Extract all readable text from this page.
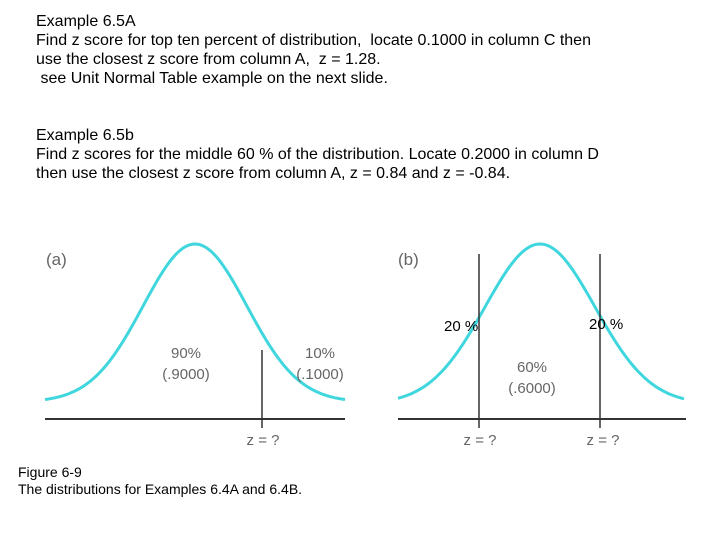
Example 6.5A
Find z score for top ten percent of distribution,  locate 0.1000 in column C then
use the closest z score from column A,  z = 1.28.
see Unit Normal Table example on the next slide.
Example 6.5b
Find z scores for the middle 60 % of the distribution. Locate 0.2000 in column D
then use the closest z score from column A, z = 0.84 and z = -0.84.
(a)
90%
(.9000)
10%
(.1000)
z = ?
(b)
60%
(.6000)
z = ?	z = ?
20 %	20 %
Figure 6-9
The distributions for Examples 6.4A and 6.4B.
